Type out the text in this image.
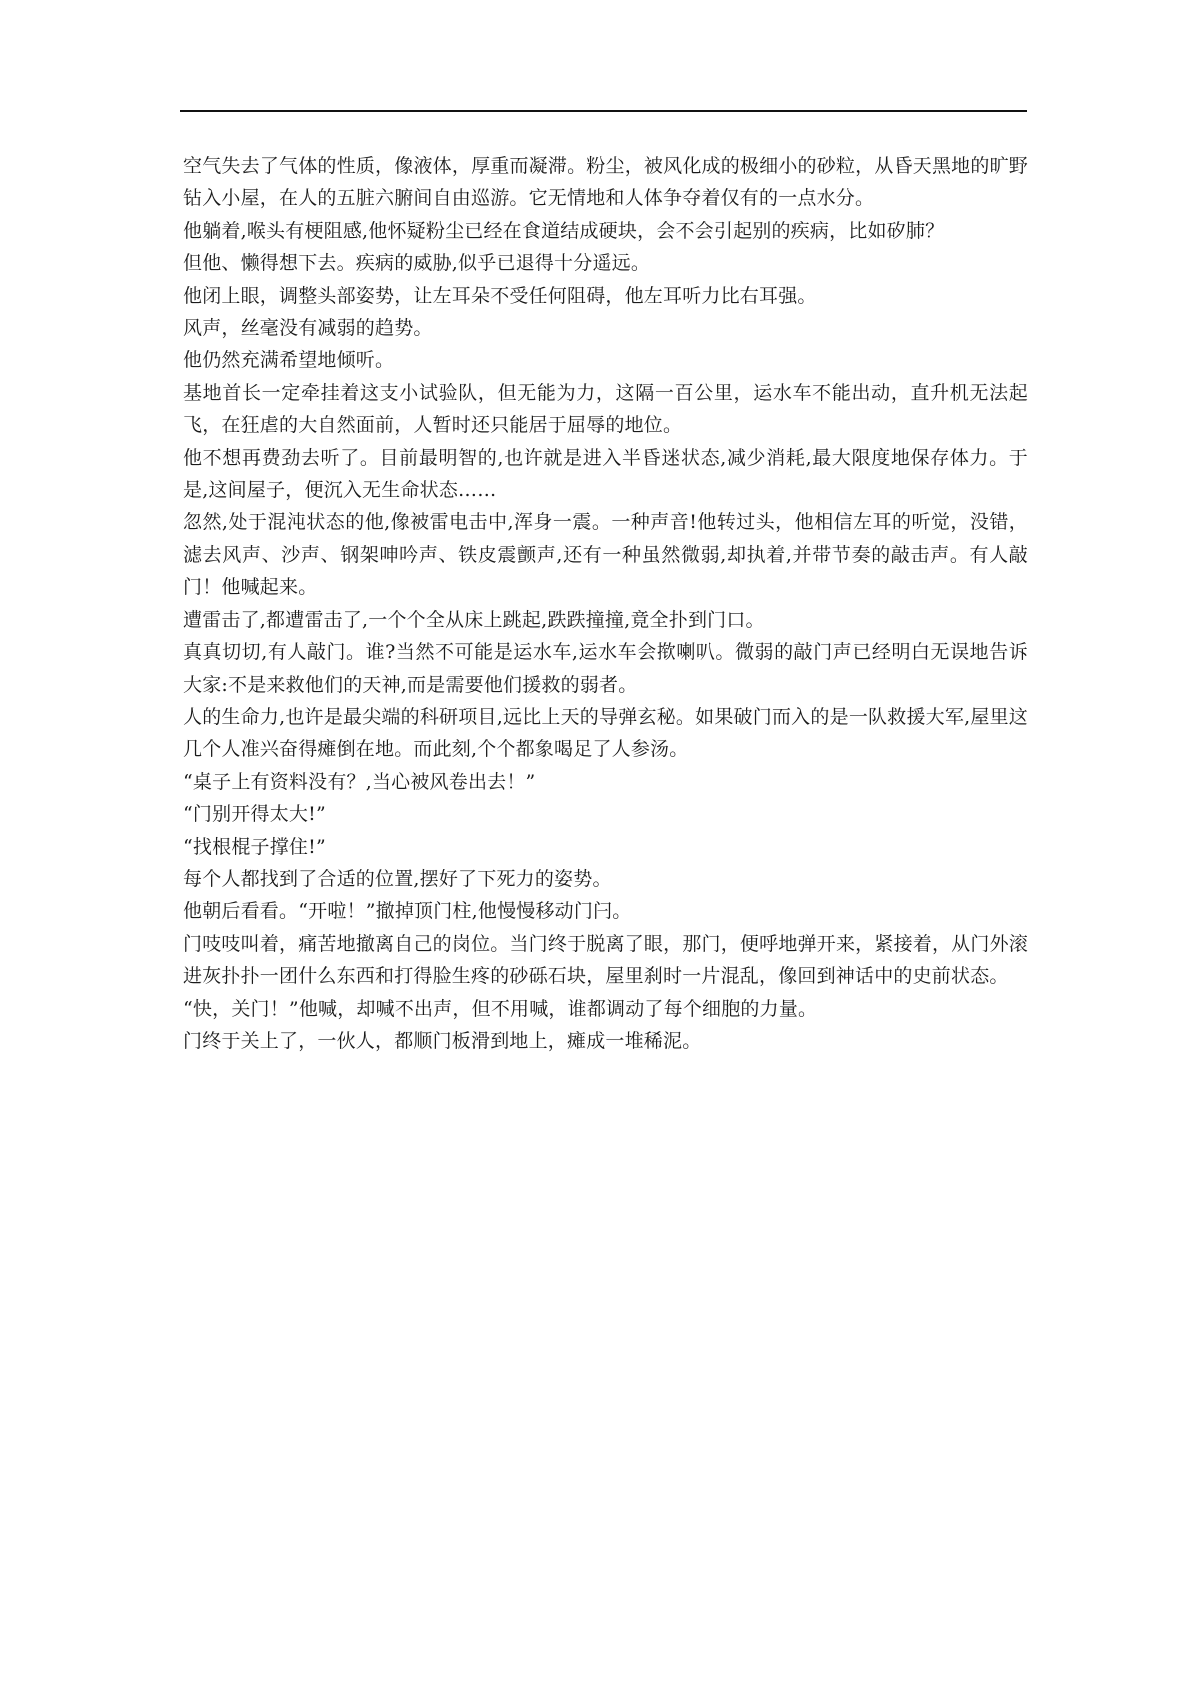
空气失去了气体的性质，像液体，厚重而凝滞。粉尘，被风化成的极细小的砂粒，从昏天黑地的旷野钻入小屋，在人的五脏六腑间自由巡游。它无情地和人体争夺着仅有的一点水分。

他躺着,喉头有梗阻感,他怀疑粉尘已经在食道结成硬块，会不会引起别的疾病，比如矽肺？

但他、懒得想下去。疾病的威胁,似乎已退得十分遥远。

他闭上眼，调整头部姿势，让左耳朵不受任何阻碍，他左耳听力比右耳强。

风声，丝毫没有减弱的趋势。

他仍然充满希望地倾听。

基地首长一定牵挂着这支小试验队，但无能为力，这隔一百公里，运水车不能出动，直升机无法起飞，在狂虐的大自然面前，人暂时还只能居于屈辱的地位。

他不想再费劲去听了。目前最明智的,也许就是进入半昏迷状态,减少消耗,最大限度地保存体力。于是,这间屋子，便沉入无生命状态……

忽然,处于混沌状态的他,像被雷电击中,浑身一震。一种声音!他转过头，他相信左耳的听觉，没错，滤去风声、沙声、钢架呻吟声、铁皮震颤声,还有一种虽然微弱,却执着,并带节奏的敲击声。有人敲门！他喊起来。

遭雷击了,都遭雷击了,一个个全从床上跳起,跌跌撞撞,竟全扑到门口。

真真切切,有人敲门。谁?当然不可能是运水车,运水车会揿喇叭。微弱的敲门声已经明白无误地告诉大家:不是来救他们的天神,而是需要他们援救的弱者。

人的生命力,也许是最尖端的科研项目,远比上天的导弹玄秘。如果破门而入的是一队救援大军,屋里这几个人准兴奋得瘫倒在地。而此刻,个个都象喝足了人参汤。

“桌子上有资料没有？,当心被风卷出去！”

“门别开得太大!”

“找根棍子撑住!”

每个人都找到了合适的位置,摆好了下死力的姿势。

他朝后看看。“开啦！”撤掉顶门柱,他慢慢移动门闩。

门吱吱叫着，痛苦地撤离自己的岗位。当门终于脱离了眼，那门，便呼地弹开来，紧接着，从门外滚进灰扑扑一团什么东西和打得脸生疼的砂砾石块，屋里刹时一片混乱，像回到神话中的史前状态。

“快，关门！”他喊，却喊不出声，但不用喊，谁都调动了每个细胞的力量。

门终于关上了，一伙人，都顺门板滑到地上，瘫成一堆稀泥。
